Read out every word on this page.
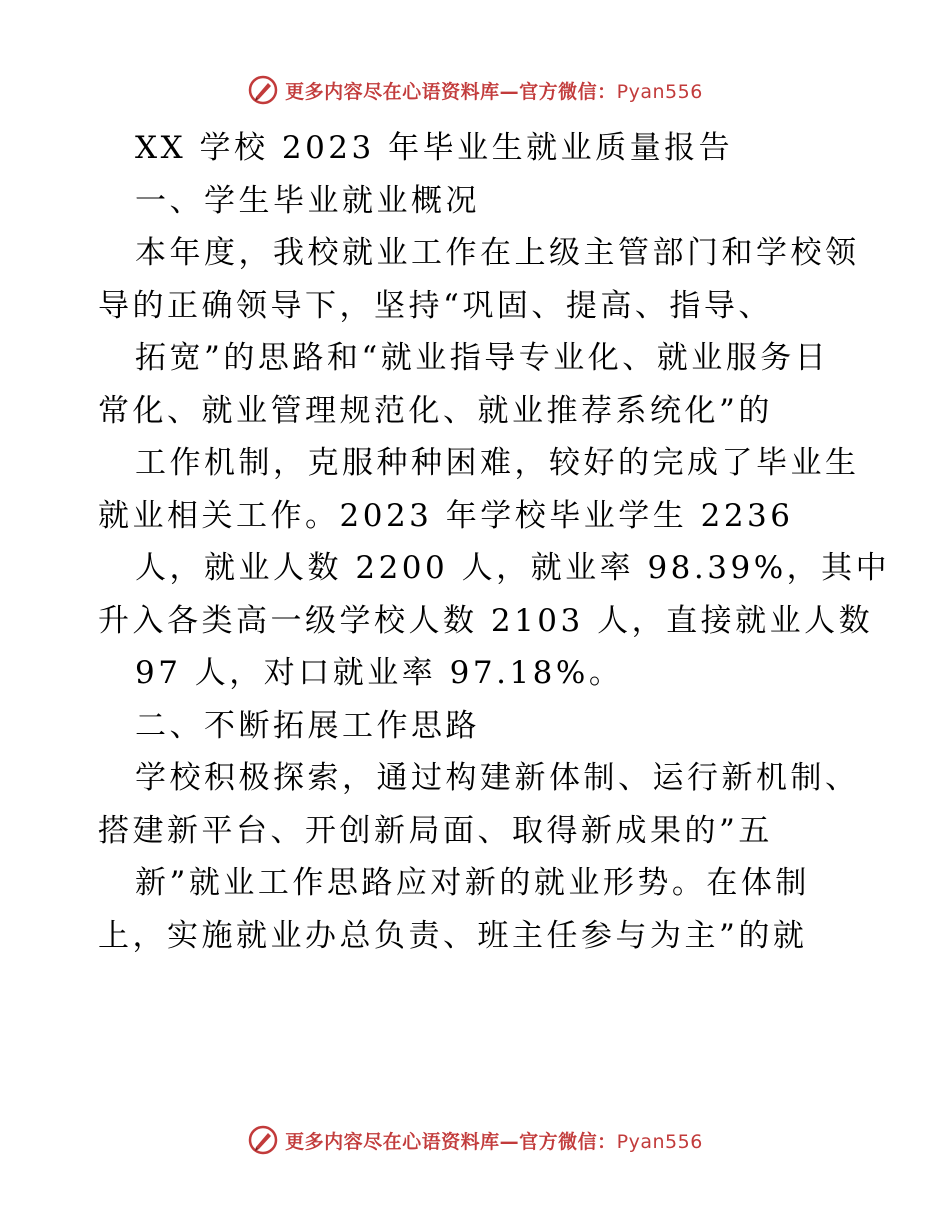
更多内容尽在心语资料库—官方微信：Pyan556
XX 学校 2023 年毕业生就业质量报告
一、学生毕业就业概况
本年度，我校就业工作在上级主管部门和学校领
导的正确领导下，坚持“巩固、提高、指导、
拓宽”的思路和“就业指导专业化、就业服务日
常化、就业管理规范化、就业推荐系统化”的
工作机制，克服种种困难，较好的完成了毕业生
就业相关工作。2023 年学校毕业学生 2236
人，就业人数 2200 人，就业率 98.39%，其中
升入各类高一级学校人数 2103 人，直接就业人数
97 人，对口就业率 97.18%。
二、不断拓展工作思路
学校积极探索，通过构建新体制、运行新机制、
搭建新平台、开创新局面、取得新成果的”五
新”就业工作思路应对新的就业形势。在体制
上，实施就业办总负责、班主任参与为主”的就
更多内容尽在心语资料库—官方微信：Pyan556
